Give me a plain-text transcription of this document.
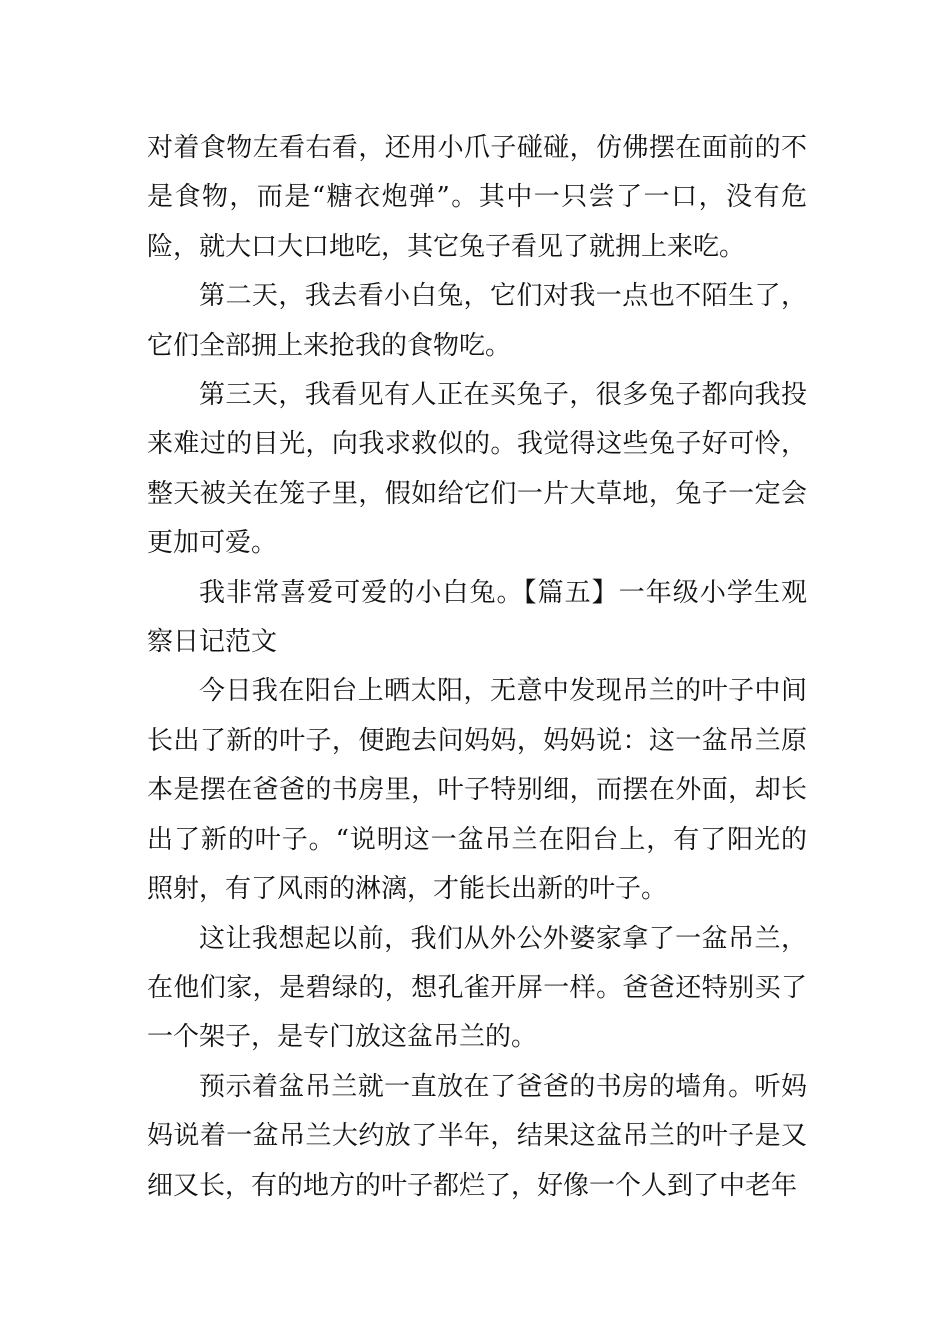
对着食物左看右看，还用小爪子碰碰，仿佛摆在面前的不是食物，而是“糖衣炮弹”。其中一只尝了一口，没有危险，就大口大口地吃，其它兔子看见了就拥上来吃。

第二天，我去看小白兔，它们对我一点也不陌生了，它们全部拥上来抢我的食物吃。

第三天，我看见有人正在买兔子，很多兔子都向我投来难过的目光，向我求救似的。我觉得这些兔子好可怜，整天被关在笼子里，假如给它们一片大草地，兔子一定会更加可爱。

我非常喜爱可爱的小白兔。【篇五】一年级小学生观察日记范文

今日我在阳台上晒太阳，无意中发现吊兰的叶子中间长出了新的叶子，便跑去问妈妈，妈妈说：这一盆吊兰原本是摆在爸爸的书房里，叶子特别细，而摆在外面，却长出了新的叶子。“说明这一盆吊兰在阳台上，有了阳光的照射，有了风雨的淋漓，才能长出新的叶子。

这让我想起以前，我们从外公外婆家拿了一盆吊兰，在他们家，是碧绿的，想孔雀开屏一样。爸爸还特别买了一个架子，是专门放这盆吊兰的。

预示着盆吊兰就一直放在了爸爸的书房的墙角。听妈妈说着一盆吊兰大约放了半年，结果这盆吊兰的叶子是又细又长，有的地方的叶子都烂了，好像一个人到了中老年
